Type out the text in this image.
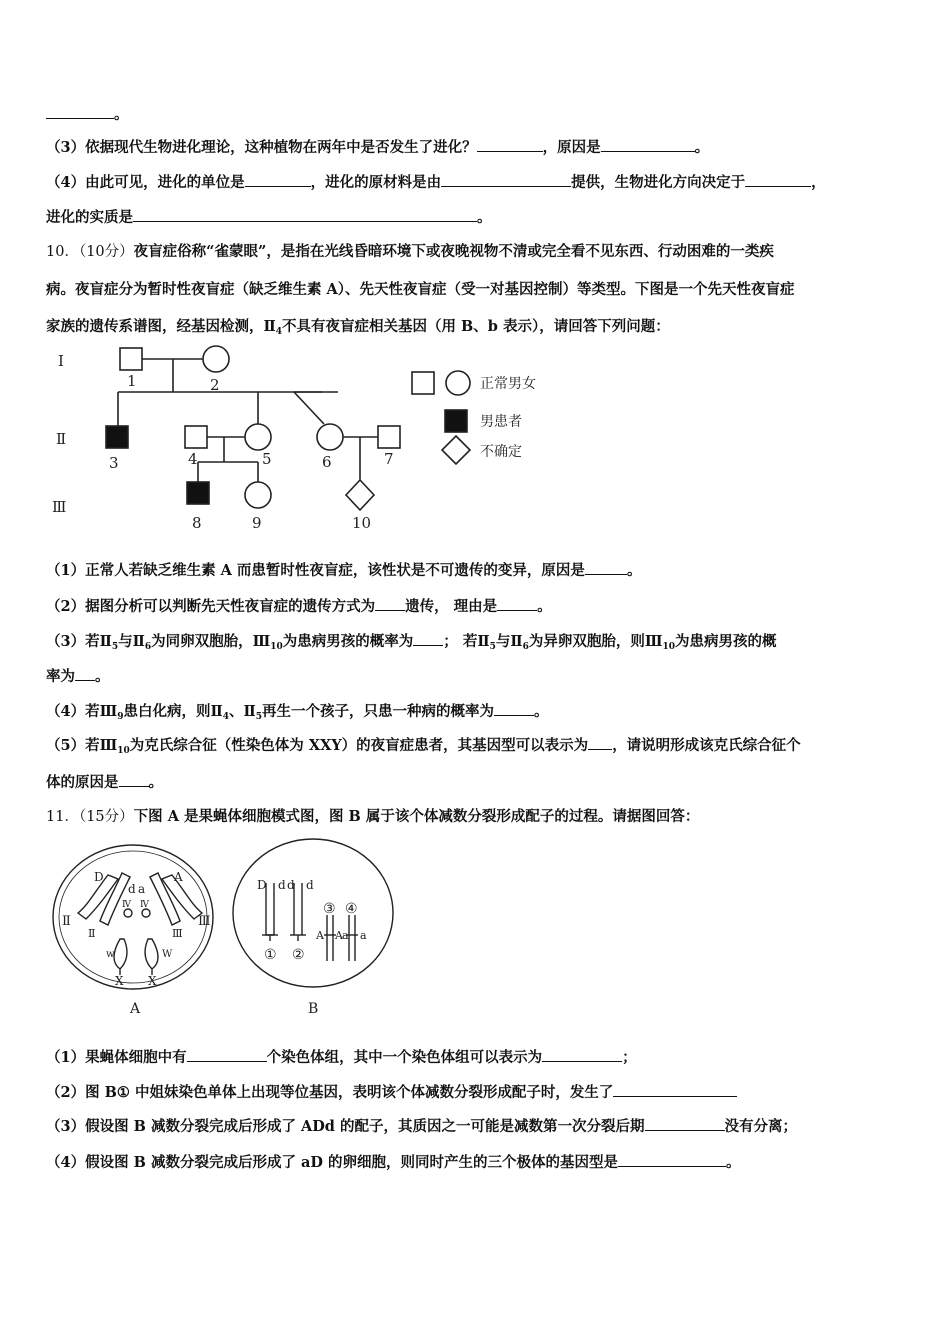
。
（3）依据现代生物进化理论，这种植物在两年中是否发生了进化？	，原因是	。
（4）由此可见，进化的单位是	，进化的原材料是由	提供，生物进化方向决定于	，
进化的实质是	。
10．（10分）夜盲症俗称“雀蒙眼”，是指在光线昏暗环境下或夜晚视物不清或完全看不见东西、行动困难的一类疾
病。夜盲症分为暂时性夜盲症（缺乏维生素 A）、先天性夜盲症（受一对基因控制）等类型。下图是一个先天性夜盲症
家族的遗传系谱图，经基因检测，$Ⅱ_4$不具有夜盲症相关基因（用 B、b 表示），请回答下列问题：
Ⅰ
Ⅱ
Ⅲ
1	2
3	4	5	6	7
8	9	10
正常男女
男患者
不确定
（1）正常人若缺乏维生素 A 而患暂时性夜盲症，该性状是不可遗传的变异，原因是	。
（2）据图分析可以判断先天性夜盲症的遗传方式为 遗传， 理由是	。
（3）若$Ⅱ_5$与$Ⅱ_6$为同卵双胞胎，$Ⅲ_{10}$为患病男孩的概率为 ； 若$Ⅱ_5$与$Ⅱ_6$为异卵双胞胎，则$Ⅲ_{10}$为患病男孩的概
率为 。
（4）若$Ⅲ_9$患白化病，则$Ⅱ_4$、$Ⅱ_5$再生一个孩子，只患一种病的概率为	。
（5）若$Ⅲ_{10}$为克氏综合征（性染色体为 XXY）的夜盲症患者，其基因型可以表示为 ，请说明形成该克氏综合征个
体的原因是 。
11．（15分）下图 A 是果蝇体细胞模式图，图 B 属于该个体减数分裂形成配子的过程。请据图回答：
D
d a
A
Ⅱ
Ⅱ
Ⅲ
Ⅲ
Ⅳ Ⅳ
w	W
X X
A
D d d d
① ②
③ ④
A A a a
B
（1）果蝇体细胞中有	个染色体组，其中一个染色体组可以表示为	；
（2）图 B① 中姐妹染色单体上出现等位基因，表明该个体减数分裂形成配子时，发生了
（3）假设图 B 减数分裂完成后形成了 ADd 的配子，其质因之一可能是减数第一次分裂后期	没有分离；
（4）假设图 B 减数分裂完成后形成了 aD 的卵细胞，则同时产生的三个极体的基因型是	。
